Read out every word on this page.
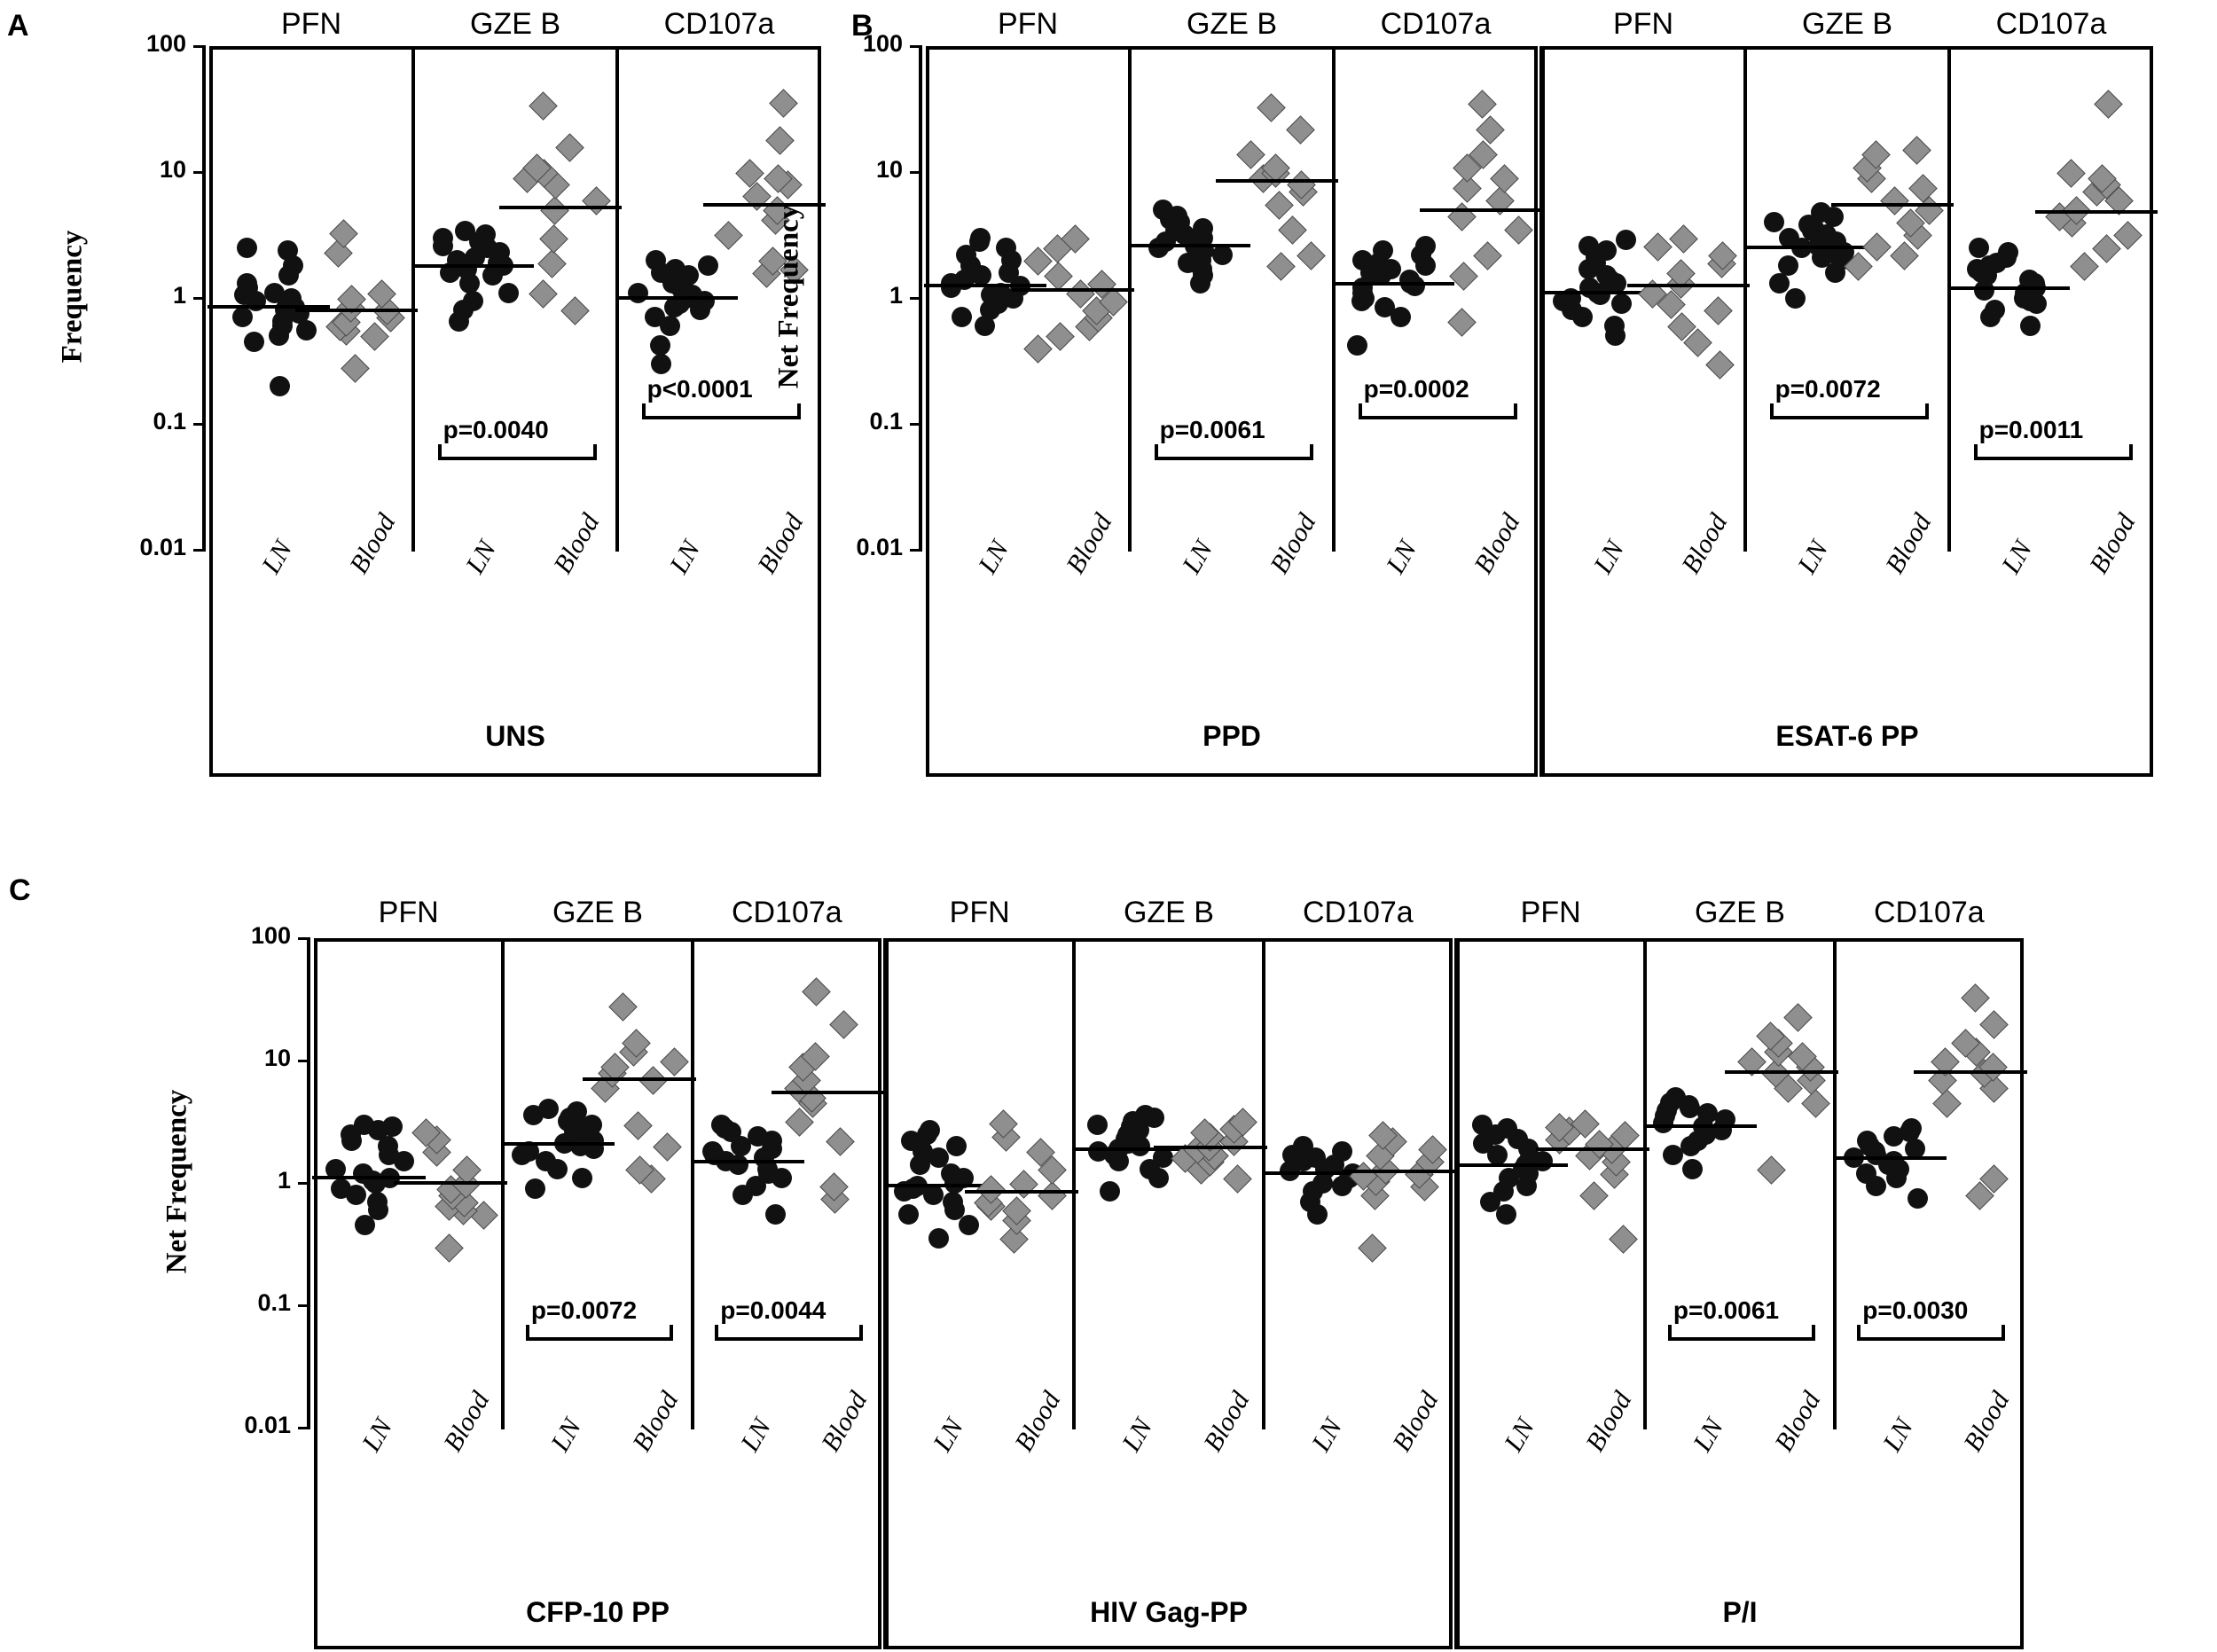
A
Frequency
0.01
0.1
1
10
100
PFN
LN Blood
GZE B
LN Blood
p=0.0040
CD107a
LN Blood
p<0.0001
UNS
B
Net Frequency
0.01
0.1
1
10
100
PFN
LN Blood
GZE B
LN Blood
p=0.0061
CD107a
LN Blood
p=0.0002
PPD
PFN
LN Blood
GZE B
LN Blood
p=0.0072
CD107a
LN Blood
p=0.0011
ESAT-6 PP
C
Net Frequency
0.01
0.1
1
10
100
PFN
LN Blood
GZE B
LN Blood
p=0.0072
CD107a
LN Blood
p=0.0044
CFP-10 PP
PFN
LN Blood
GZE B
LN Blood
CD107a
LN Blood
HIV Gag-PP
PFN
LN Blood
GZE B
LN Blood
p=0.0061
CD107a
LN Blood
p=0.0030
P/I
